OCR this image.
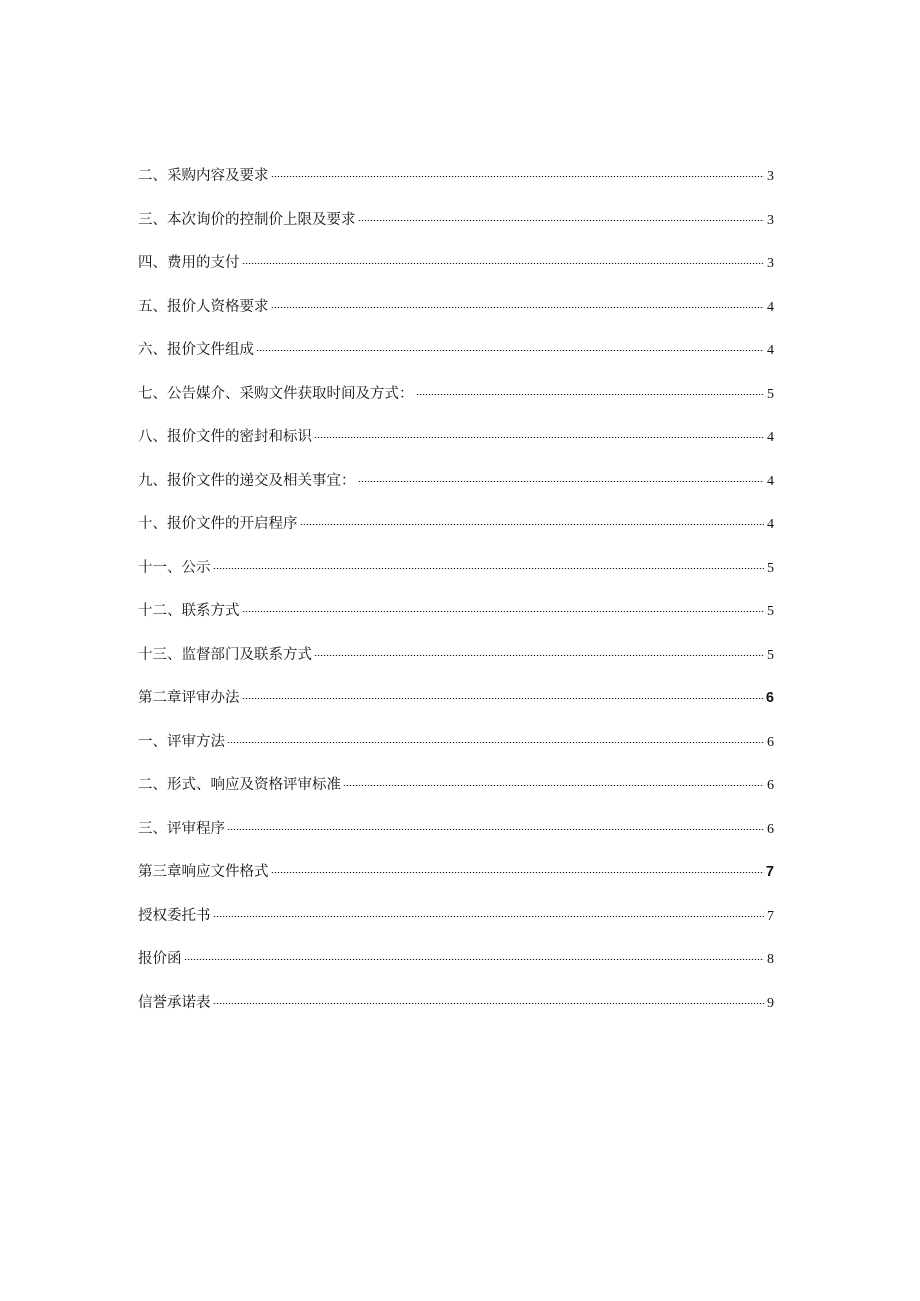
二、采购内容及要求	3
三、本次询价的控制价上限及要求	3
四、费用的支付	3
五、报价人资格要求	4
六、报价文件组成	4
七、公告媒介、采购文件获取时间及方式：	5
八、报价文件的密封和标识	4
九、报价文件的递交及相关事宜：	4
十、报价文件的开启程序	4
十一、公示	5
十二、联系方式	5
十三、监督部门及联系方式	5
第二章评审办法	6
一、评审方法	6
二、形式、响应及资格评审标准	6
三、评审程序	6
第三章响应文件格式	7
授权委托书	7
报价函	8
信誉承诺表	9
